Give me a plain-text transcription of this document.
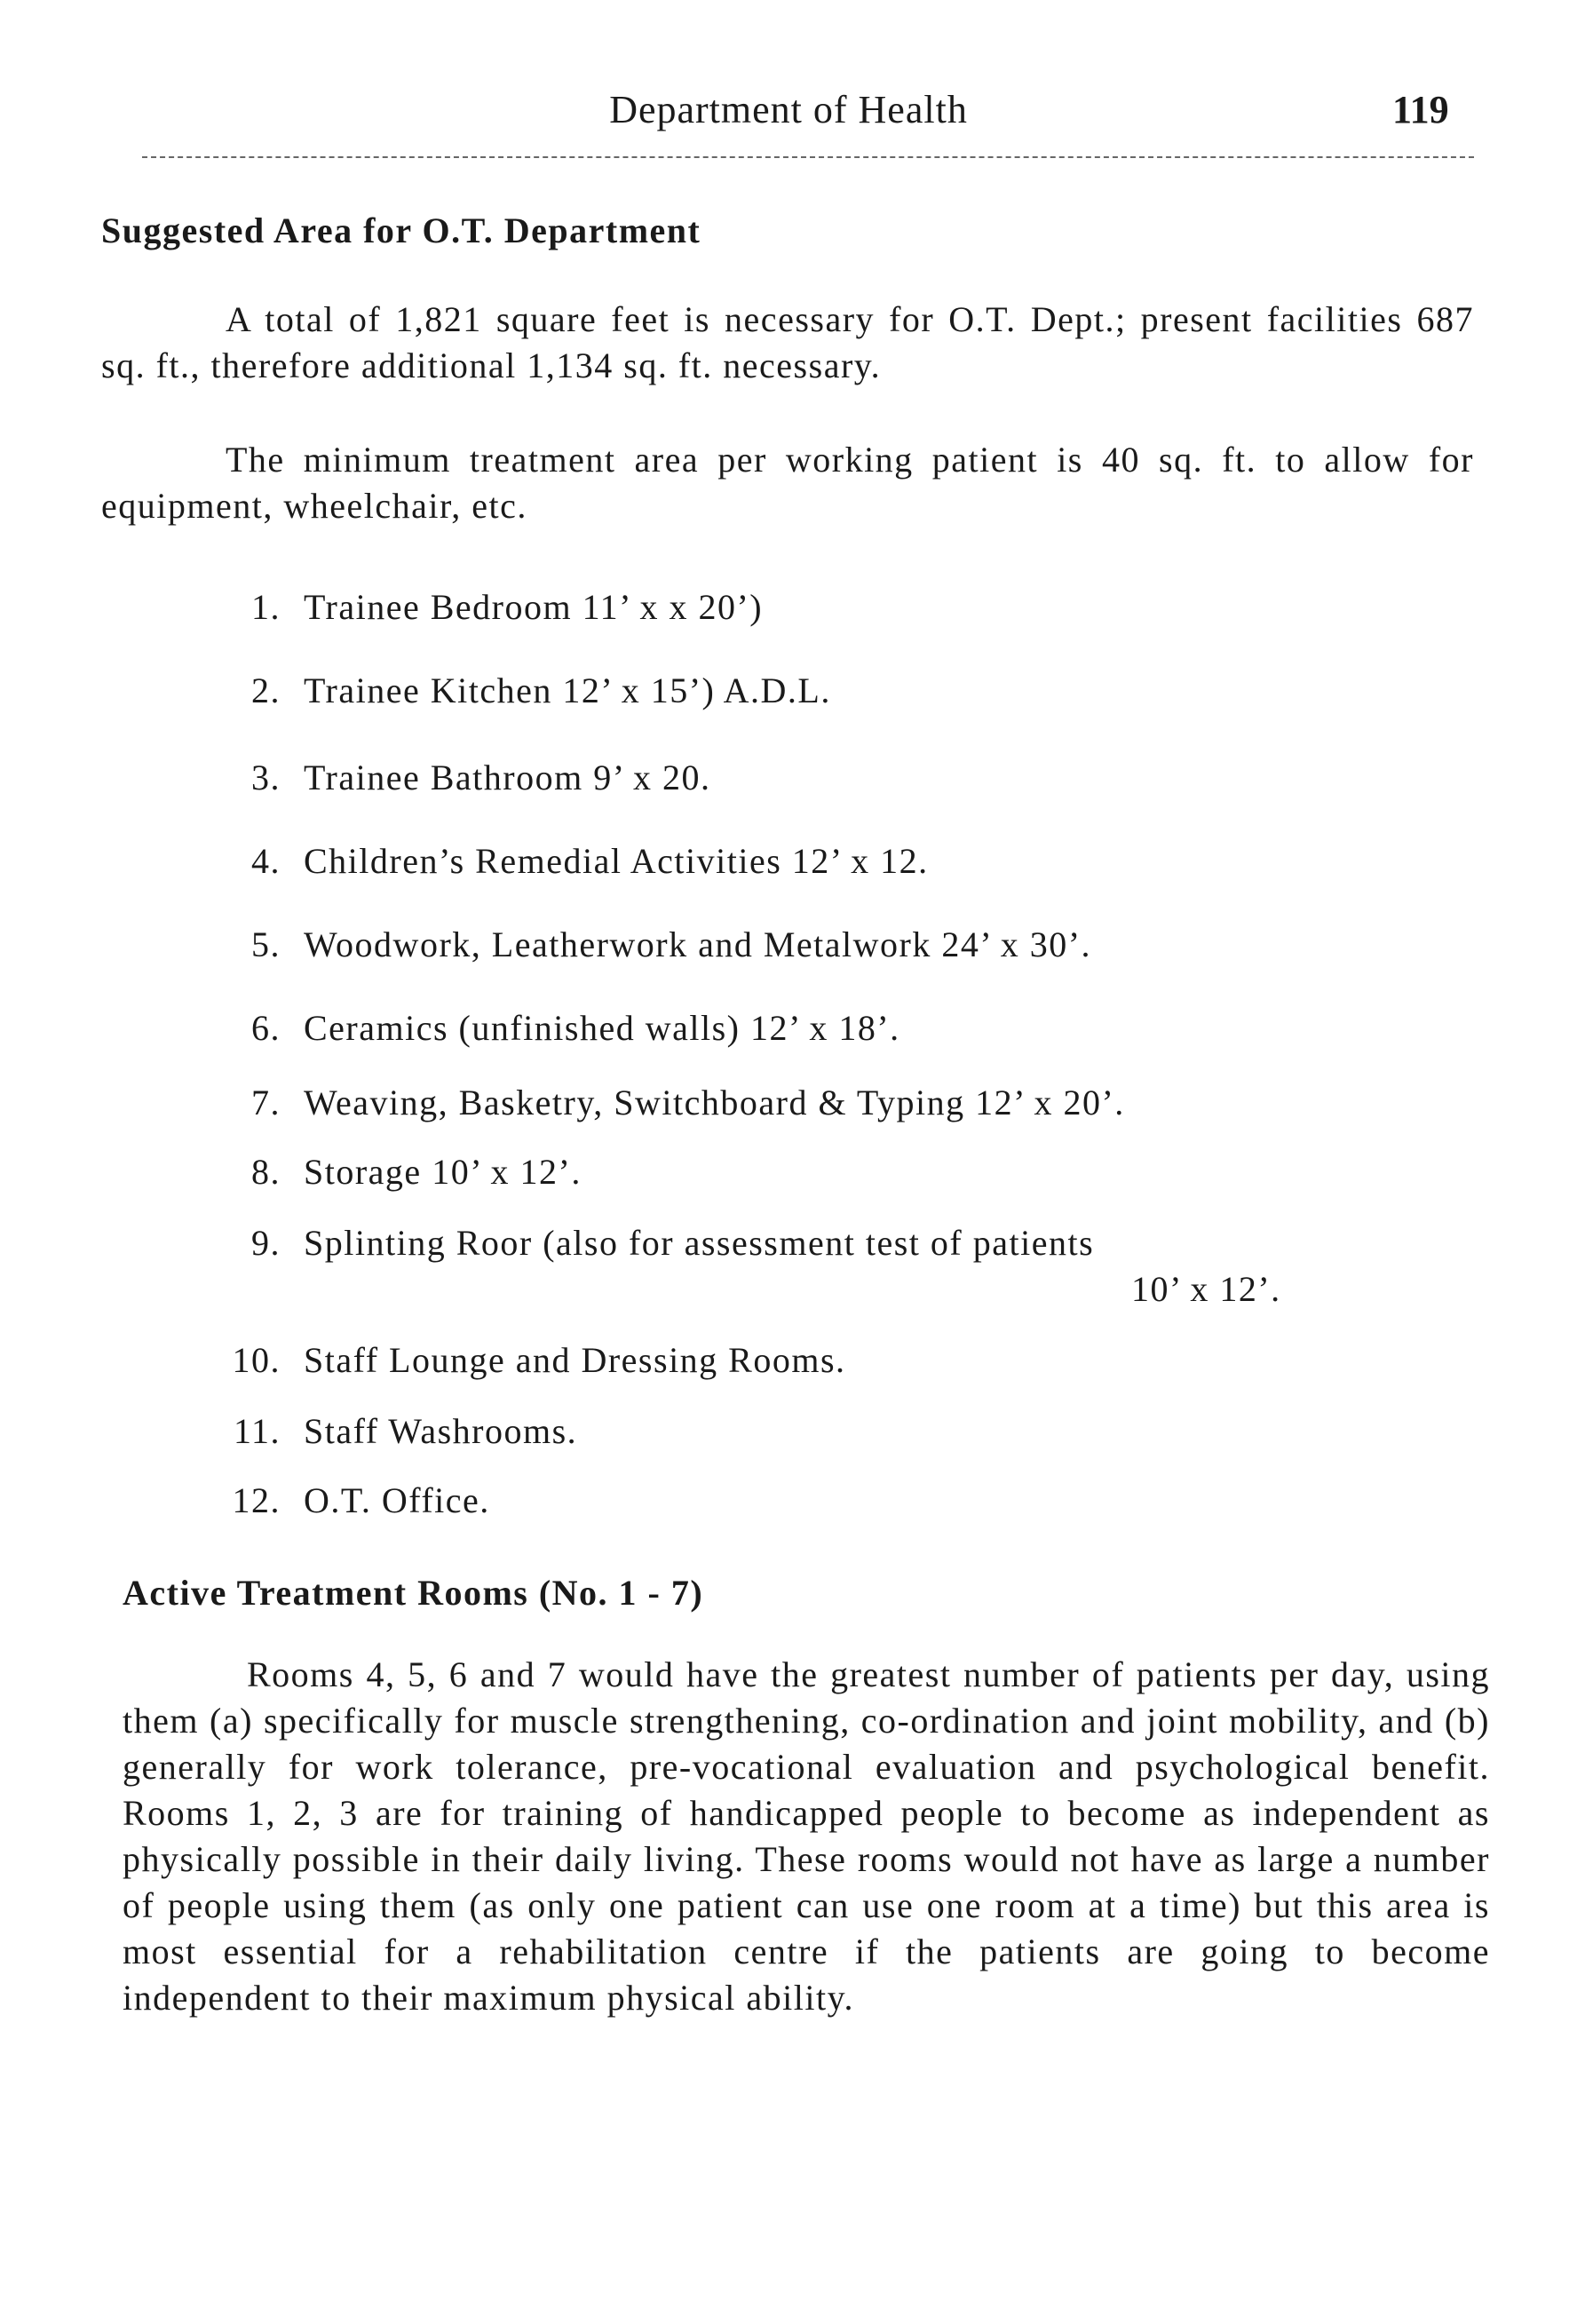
Department of Health	119
Suggested Area for O.T. Department

A total of 1,821 square feet is necessary for O.T. Dept.; present facilities 687 sq. ft., therefore additional 1,134 sq. ft. necessary.

The minimum treatment area per working patient is 40 sq. ft. to allow for equipment, wheelchair, etc.

1. Trainee Bedroom 11’ x x 20’)
2. Trainee Kitchen 12’ x 15’) A.D.L.
3. Trainee Bathroom 9’ x 20.
4. Children’s Remedial Activities 12’ x 12.
5. Woodwork, Leatherwork and Metalwork 24’ x 30’.
6. Ceramics (unfinished walls) 12’ x 18’.
7. Weaving, Basketry, Switchboard & Typing 12’ x 20’.
8. Storage 10’ x 12’.
9. Splinting Roor (also for assessment test of patients
10’ x 12’.
10. Staff Lounge and Dressing Rooms.
11. Staff Washrooms.
12. O.T. Office.
Active Treatment Rooms (No. 1 - 7)

Rooms 4, 5, 6 and 7 would have the greatest number of patients per day, using them (a) specifically for muscle strengthening, co-ordination and joint mobility, and (b) generally for work tolerance, pre-vocational evaluation and psychological benefit. Rooms 1, 2, 3 are for training of handicapped people to become as independent as physically possible in their daily living. These rooms would not have as large a number of people using them (as only one patient can use one room at a time) but this area is most essential for a rehabilitation centre if the patients are going to become independent to their maximum physical ability.
